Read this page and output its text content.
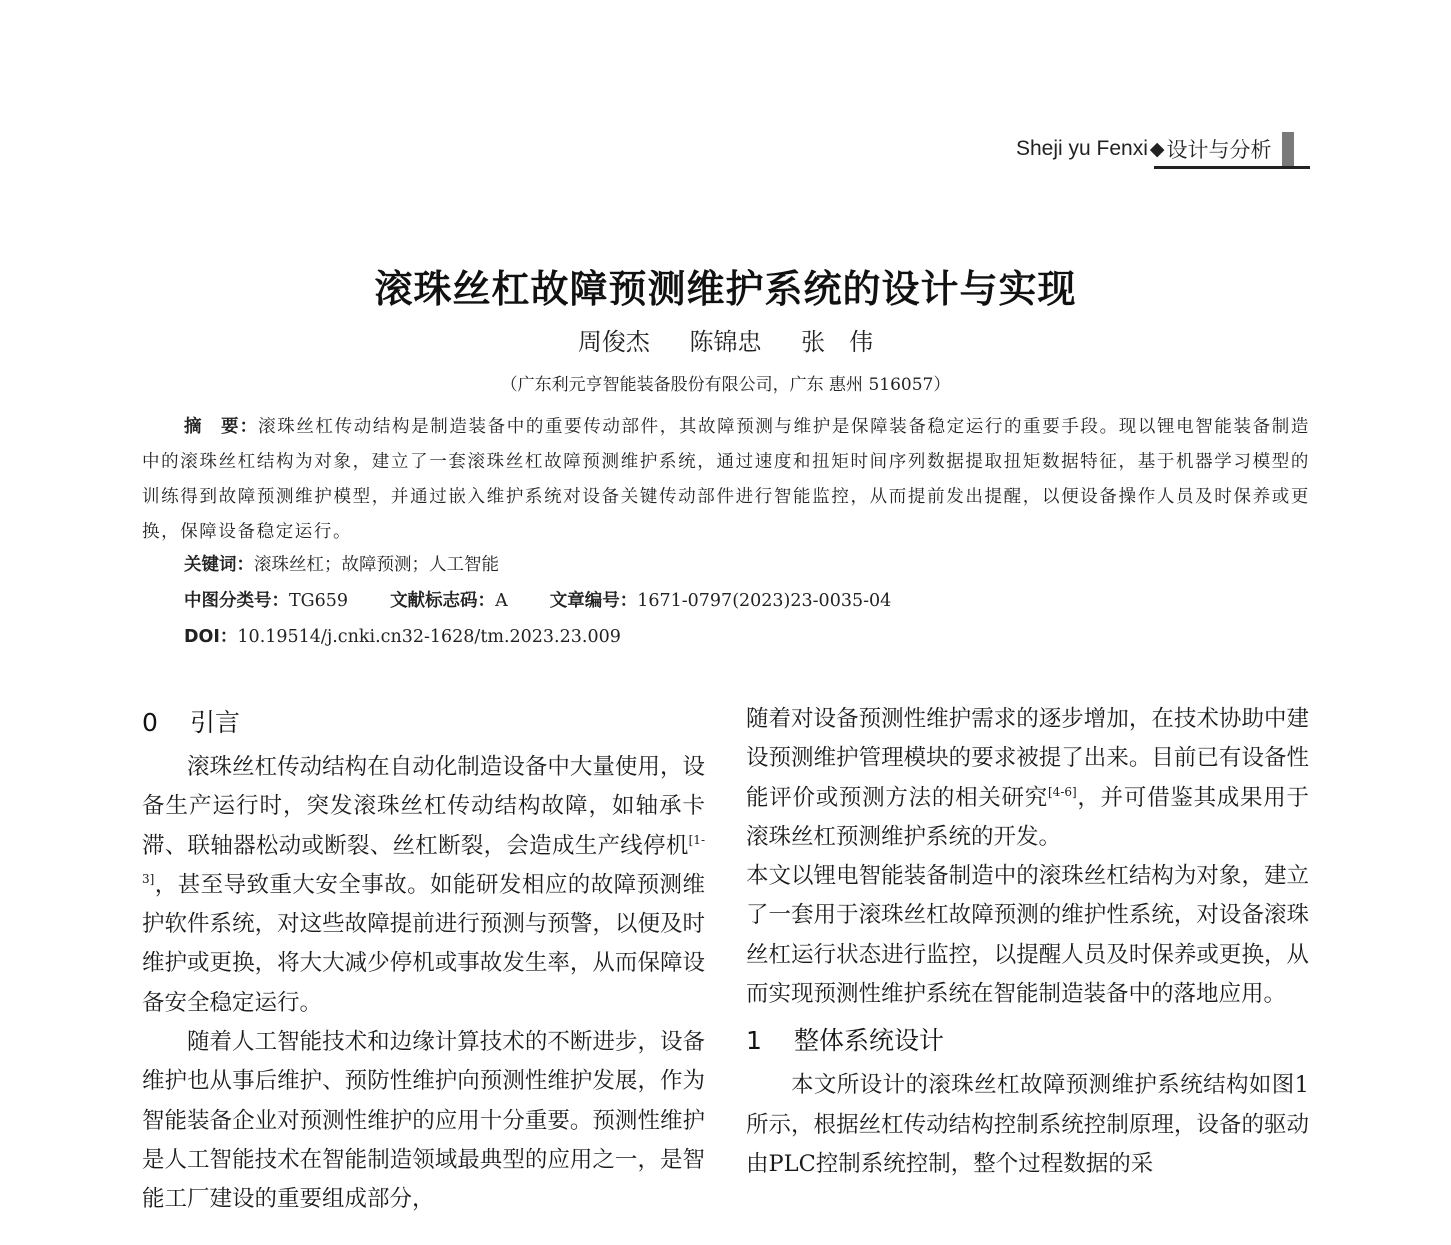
Sheji yu Fenxi ◆ 设计与分析
滚珠丝杠故障预测维护系统的设计与实现
周俊杰 陈锦忠 张　伟
（广东利元亨智能装备股份有限公司，广东 惠州 516057）
摘　要：滚珠丝杠传动结构是制造装备中的重要传动部件，其故障预测与维护是保障装备稳定运行的重要手段。现以锂电智能装备制造中的滚珠丝杠结构为对象，建立了一套滚珠丝杠故障预测维护系统，通过速度和扭矩时间序列数据提取扭矩数据特征，基于机器学习模型的训练得到故障预测维护模型，并通过嵌入维护系统对设备关键传动部件进行智能监控，从而提前发出提醒，以便设备操作人员及时保养或更换，保障设备稳定运行。
关键词：滚珠丝杠；故障预测；人工智能
中图分类号：TG659 文献标志码：A 文章编号：1671-0797(2023)23-0035-04
DOI：10.19514/j.cnki.cn32-1628/tm.2023.23.009
0 引言

滚珠丝杠传动结构在自动化制造设备中大量使用，设备生产运行时，突发滚珠丝杠传动结构故障，如轴承卡滞、联轴器松动或断裂、丝杠断裂，会造成生产线停机[1-3]，甚至导致重大安全事故。如能研发相应的故障预测维护软件系统，对这些故障提前进行预测与预警，以便及时维护或更换，将大大减少停机或事故发生率，从而保障设备安全稳定运行。

随着人工智能技术和边缘计算技术的不断进步，设备维护也从事后维护、预防性维护向预测性维护发展，作为智能装备企业对预测性维护的应用十分重要。预测性维护是人工智能技术在智能制造领域最典型的应用之一，是智能工厂建设的重要组成部分，

随着对设备预测性维护需求的逐步增加，在技术协助中建设预测维护管理模块的要求被提了出来。目前已有设备性能评价或预测方法的相关研究[4-6]，并可借鉴其成果用于滚珠丝杠预测维护系统的开发。

本文以锂电智能装备制造中的滚珠丝杠结构为对象，建立了一套用于滚珠丝杠故障预测的维护性系统，对设备滚珠丝杠运行状态进行监控，以提醒人员及时保养或更换，从而实现预测性维护系统在智能制造装备中的落地应用。

1 整体系统设计

本文所设计的滚珠丝杠故障预测维护系统结构如图1所示，根据丝杠传动结构控制系统控制原理，设备的驱动由PLC控制系统控制，整个过程数据的采
